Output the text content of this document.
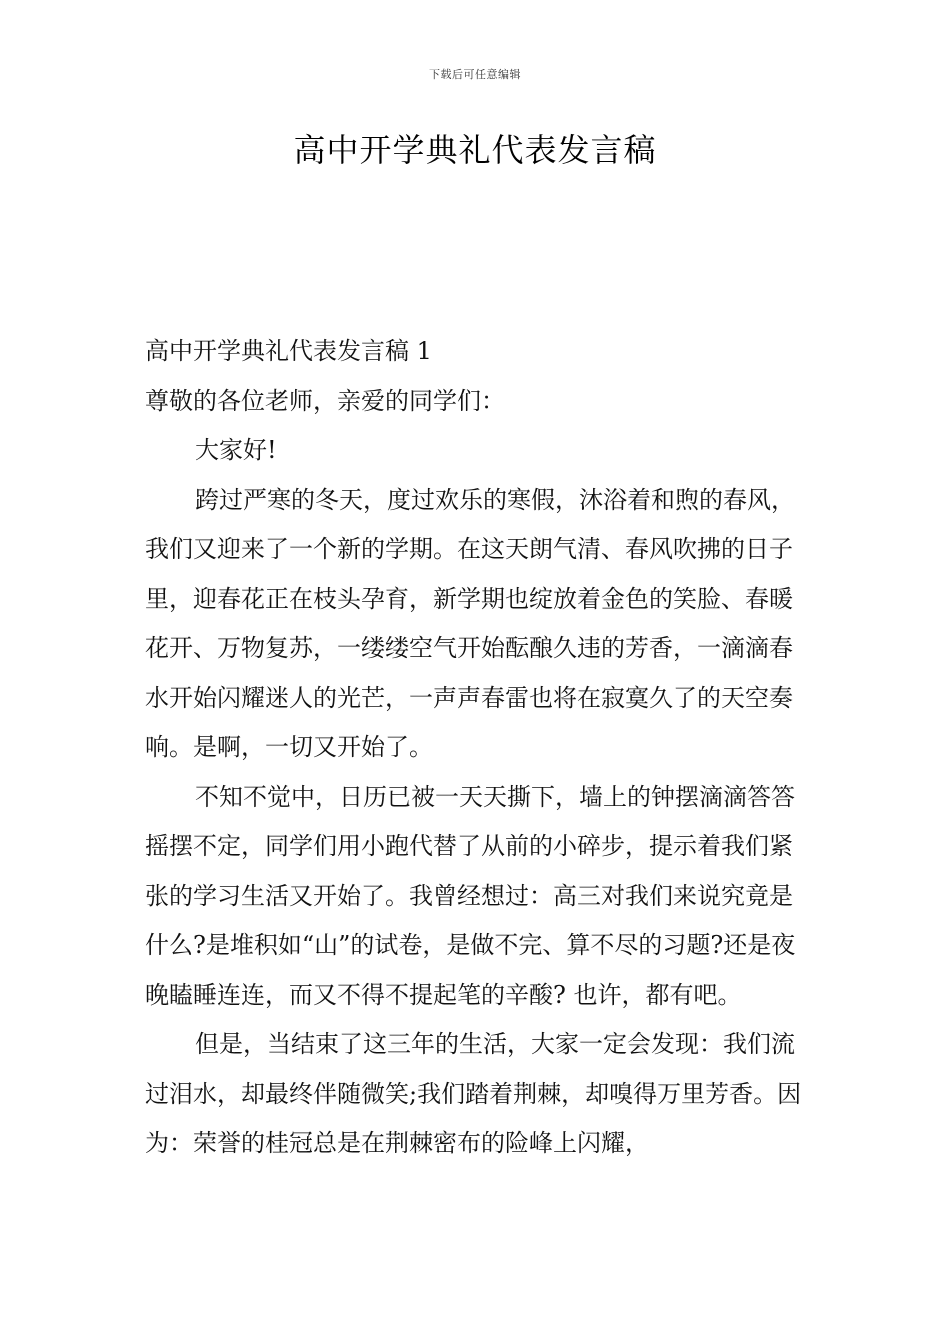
下载后可任意编辑
高中开学典礼代表发言稿

高中开学典礼代表发言稿 1

尊敬的各位老师，亲爱的同学们：

大家好!

跨过严寒的冬天，度过欢乐的寒假，沐浴着和煦的春风，我们又迎来了一个新的学期。在这天朗气清、春风吹拂的日子里，迎春花正在枝头孕育，新学期也绽放着金色的笑脸、春暖花开、万物复苏，一缕缕空气开始酝酿久违的芳香，一滴滴春水开始闪耀迷人的光芒，一声声春雷也将在寂寞久了的天空奏响。是啊，一切又开始了。

不知不觉中，日历已被一天天撕下，墙上的钟摆滴滴答答摇摆不定，同学们用小跑代替了从前的小碎步，提示着我们紧张的学习生活又开始了。我曾经想过：高三对我们来说究竟是什么?是堆积如“山”的试卷，是做不完、算不尽的习题?还是夜晚瞌睡连连，而又不得不提起笔的辛酸? 也许，都有吧。

但是，当结束了这三年的生活，大家一定会发现：我们流过泪水，却最终伴随微笑;我们踏着荆棘，却嗅得万里芳香。因为：荣誉的桂冠总是在荆棘密布的险峰上闪耀，
